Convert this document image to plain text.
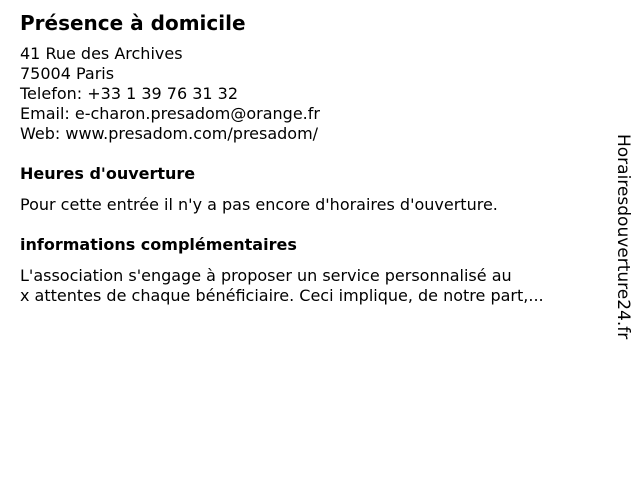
Présence à domicile
41 Rue des Archives
75004 Paris
Telefon: +33 1 39 76 31 32
Email: e-charon.presadom@orange.fr
Web: www.presadom.com/presadom/
Heures d'ouverture
Pour cette entrée il n'y a pas encore d'horaires d'ouverture.
informations complémentaires
L'association s'engage à proposer un service personnalisé au
x attentes de chaque bénéficiaire. Ceci implique, de notre part,...	Horairesdouverture24.fr
